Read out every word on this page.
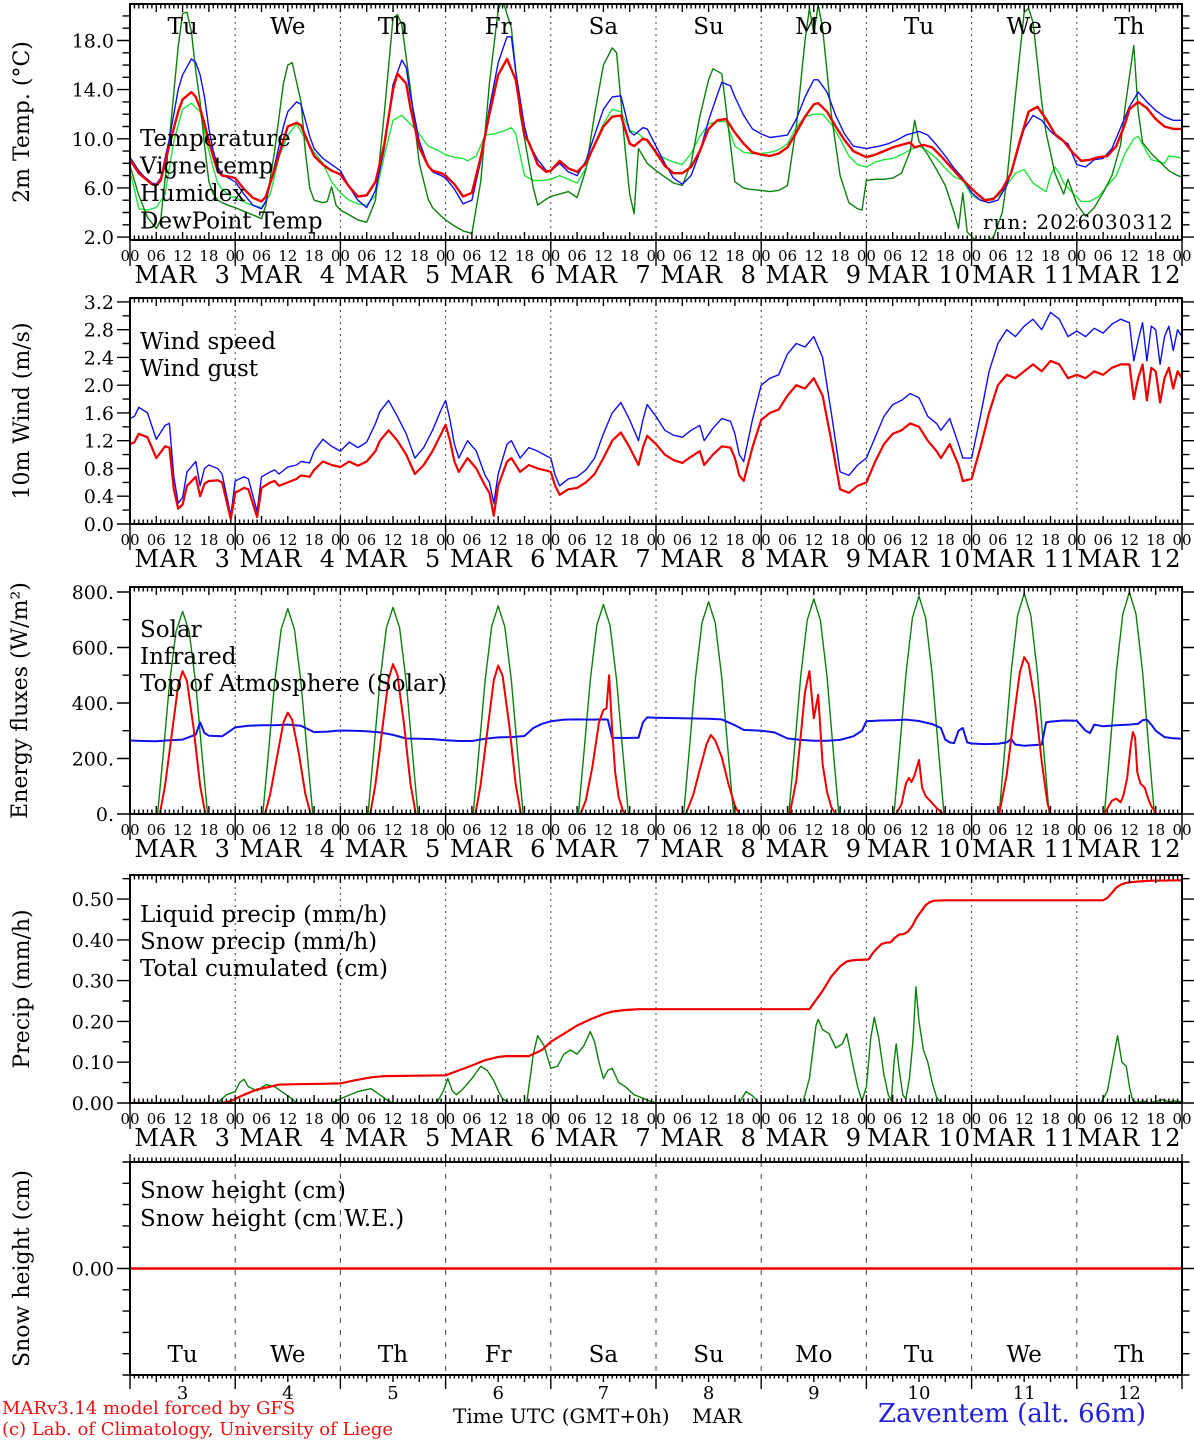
2.0
6.0
10.0
14.0
18.0
2m Temp. (°C)
00 06 12 18 00 06 12 18 00 06 12 18 00 06 12 18 00 06 12 18 00 06 12 18 00 06 12 18 00 06 12 18 00 06 12 18 00 06 12 18 00
MAR  3
Tu
MAR  4
We
MAR  5
Th
MAR  6
Fr
MAR  7
Sa
MAR  8
Su
MAR  9
Mo
MAR 10
Tu
MAR 11
We
MAR 12
Th
Temperature
Vigne temp
Humidex
DewPoint Temp
0.0
0.4
0.8
1.2
1.6
2.0
2.4
2.8
3.2
10m Wind (m/s)
00 06 12 18 00 06 12 18 00 06 12 18 00 06 12 18 00 06 12 18 00 06 12 18 00 06 12 18 00 06 12 18 00 06 12 18 00 06 12 18 00
MAR  3 MAR  4 MAR  5 MAR  6 MAR  7 MAR  8 MAR  9 MAR 10 MAR 11 MAR 12
Wind speed
Wind gust
0.
200.
400.
600.
800.
Energy fluxes (W/m²)
00 06 12 18 00 06 12 18 00 06 12 18 00 06 12 18 00 06 12 18 00 06 12 18 00 06 12 18 00 06 12 18 00 06 12 18 00 06 12 18 00
MAR  3 MAR  4 MAR  5 MAR  6 MAR  7 MAR  8 MAR  9 MAR 10 MAR 11 MAR 12
Solar
Infrared
Top of Atmosphere (Solar)
0.00
0.10
0.20
0.30
0.40
0.50
Precip (mm/h)
00 06 12 18 00 06 12 18 00 06 12 18 00 06 12 18 00 06 12 18 00 06 12 18 00 06 12 18 00 06 12 18 00 06 12 18 00 06 12 18 00
MAR  3 MAR  4 MAR  5 MAR  6 MAR  7 MAR  8 MAR  9 MAR 10 MAR 11 MAR 12
Liquid precip (mm/h)
Snow precip (mm/h)
Total cumulated (cm)
0.00
Snow height (cm)
3
Tu
4
We
5
Th
6
Fr
7
Sa
8
Su
9
Mo
10
Tu
11
We
12
Th
Snow height (cm)
Snow height (cm W.E.)
run: 2026030312
MARv3.14 model forced by GFS
(c) Lab. of Climatology, University of Liege
Time UTC (GMT+0h) MAR	Zaventem (alt. 66m)
